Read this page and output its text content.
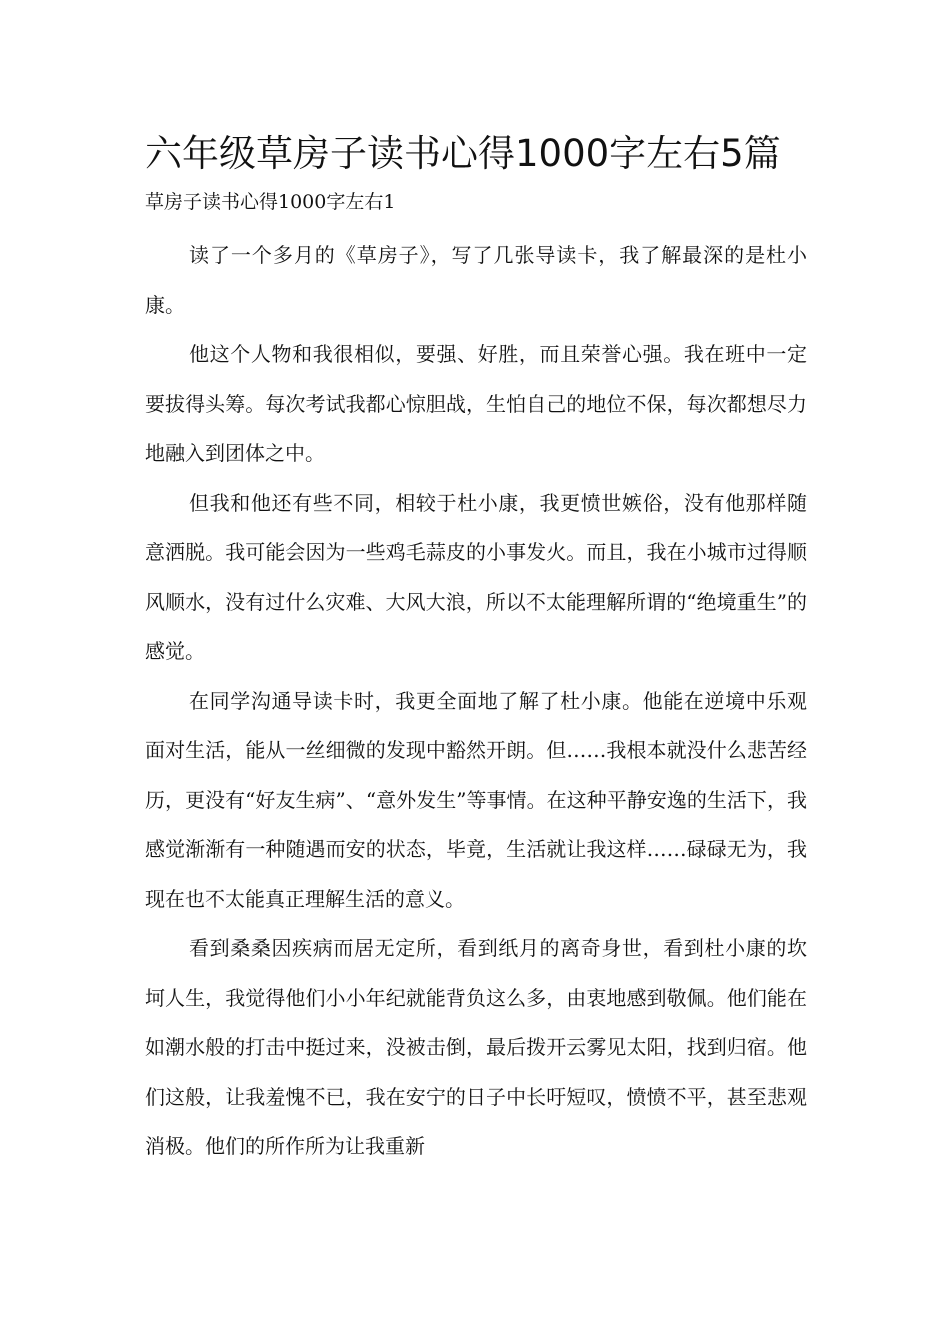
六年级草房子读书心得1000字左右5篇
草房子读书心得1000字左右1

读了一个多月的《草房子》，写了几张导读卡，我了解最深的是杜小康。

他这个人物和我很相似，要强、好胜，而且荣誉心强。我在班中一定要拔得头筹。每次考试我都心惊胆战，生怕自己的地位不保，每次都想尽力地融入到团体之中。

但我和他还有些不同，相较于杜小康，我更愤世嫉俗，没有他那样随意洒脱。我可能会因为一些鸡毛蒜皮的小事发火。而且，我在小城市过得顺风顺水，没有过什么灾难、大风大浪，所以不太能理解所谓的“绝境重生”的感觉。

在同学沟通导读卡时，我更全面地了解了杜小康。他能在逆境中乐观面对生活，能从一丝细微的发现中豁然开朗。但……我根本就没什么悲苦经历，更没有“好友生病”、“意外发生”等事情。在这种平静安逸的生活下，我感觉渐渐有一种随遇而安的状态，毕竟，生活就让我这样……碌碌无为，我现在也不太能真正理解生活的意义。

看到桑桑因疾病而居无定所，看到纸月的离奇身世，看到杜小康的坎坷人生，我觉得他们小小年纪就能背负这么多，由衷地感到敬佩。他们能在如潮水般的打击中挺过来，没被击倒，最后拨开云雾见太阳，找到归宿。他们这般，让我羞愧不已，我在安宁的日子中长吁短叹，愤愤不平，甚至悲观消极。他们的所作所为让我重新
